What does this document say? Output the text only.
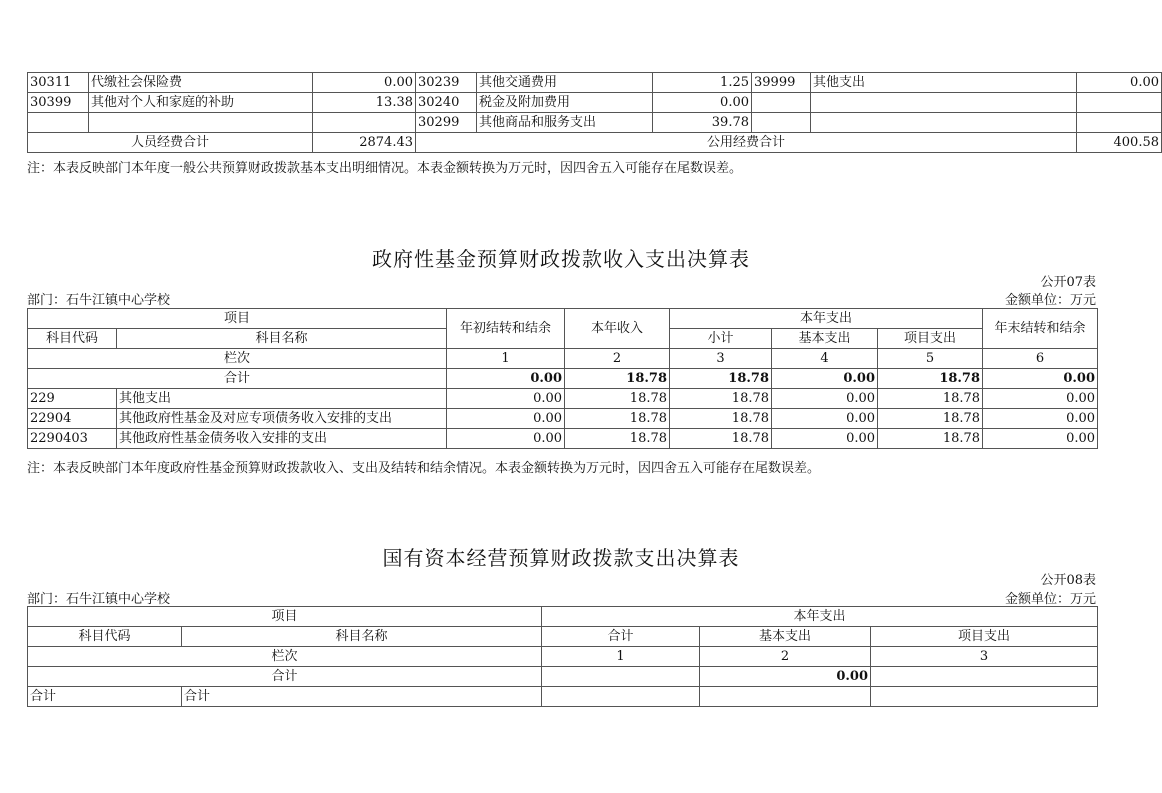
30311	代缴社会保险费	0.00	30239	其他交通费用	1.25	39999	其他支出	0.00
30399	其他对个人和家庭的补助	13.38	30240	税金及附加费用	0.00			
			30299	其他商品和服务支出	39.78			
人员经费合计		2874.43	公用经费合计					400.58
注：本表反映部门本年度一般公共预算财政拨款基本支出明细情况。本表金额转换为万元时，因四舍五入可能存在尾数误差。
政府性基金预算财政拨款收入支出决算表
公开07表
部门：石牛江镇中心学校	金额单位：万元
项目		年初结转和结余	本年收入	本年支出			年末结转和结余
科目代码	科目名称			小计	基本支出	项目支出	
栏次		1	2	3	4	5	6
合计		0.00	18.78	18.78	0.00	18.78	0.00
229	其他支出	0.00	18.78	18.78	0.00	18.78	0.00
22904	其他政府性基金及对应专项债务收入安排的支出	0.00	18.78	18.78	0.00	18.78	0.00
2290403	其他政府性基金债务收入安排的支出	0.00	18.78	18.78	0.00	18.78	0.00
注：本表反映部门本年度政府性基金预算财政拨款收入、支出及结转和结余情况。本表金额转换为万元时，因四舍五入可能存在尾数误差。
国有资本经营预算财政拨款支出决算表
公开08表
部门：石牛江镇中心学校	金额单位：万元
项目		本年支出		
科目代码	科目名称	合计	基本支出	项目支出
栏次		1	2	3
合计			0.00	
合计	合计			
